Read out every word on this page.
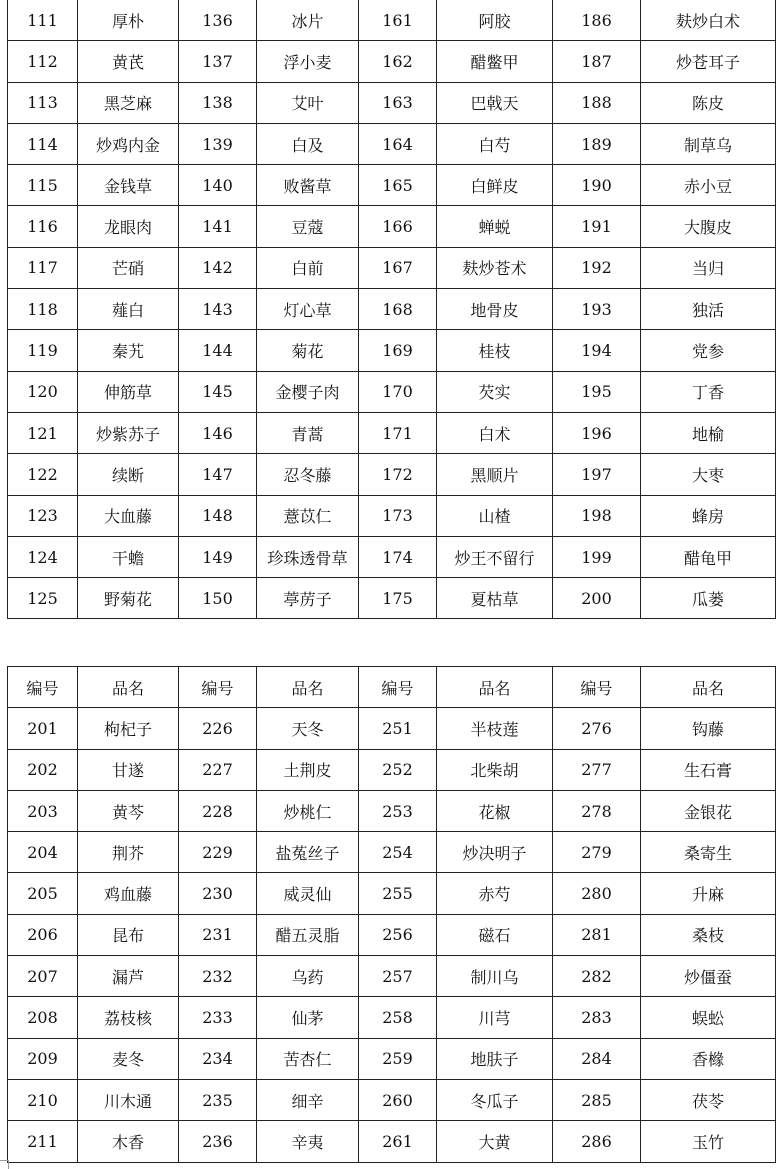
111	厚朴	136	冰片	161	阿胶	186	麸炒白术
112	黄芪	137	浮小麦	162	醋鳖甲	187	炒苍耳子
113	黑芝麻	138	艾叶	163	巴戟天	188	陈皮
114	炒鸡内金	139	白及	164	白芍	189	制草乌
115	金钱草	140	败酱草	165	白鲜皮	190	赤小豆
116	龙眼肉	141	豆蔻	166	蝉蜕	191	大腹皮
117	芒硝	142	白前	167	麸炒苍术	192	当归
118	薤白	143	灯心草	168	地骨皮	193	独活
119	秦艽	144	菊花	169	桂枝	194	党参
120	伸筋草	145	金樱子肉	170	芡实	195	丁香
121	炒紫苏子	146	青蒿	171	白术	196	地榆
122	续断	147	忍冬藤	172	黑顺片	197	大枣
123	大血藤	148	薏苡仁	173	山楂	198	蜂房
124	干蟾	149	珍珠透骨草	174	炒王不留行	199	醋龟甲
125	野菊花	150	葶苈子	175	夏枯草	200	瓜蒌
编号	品名	编号	品名	编号	品名	编号	品名
201	枸杞子	226	天冬	251	半枝莲	276	钩藤
202	甘遂	227	土荆皮	252	北柴胡	277	生石膏
203	黄芩	228	炒桃仁	253	花椒	278	金银花
204	荆芥	229	盐菟丝子	254	炒决明子	279	桑寄生
205	鸡血藤	230	威灵仙	255	赤芍	280	升麻
206	昆布	231	醋五灵脂	256	磁石	281	桑枝
207	漏芦	232	乌药	257	制川乌	282	炒僵蚕
208	荔枝核	233	仙茅	258	川芎	283	蜈蚣
209	麦冬	234	苦杏仁	259	地肤子	284	香橼
210	川木通	235	细辛	260	冬瓜子	285	茯苓
211	木香	236	辛夷	261	大黄	286	玉竹
